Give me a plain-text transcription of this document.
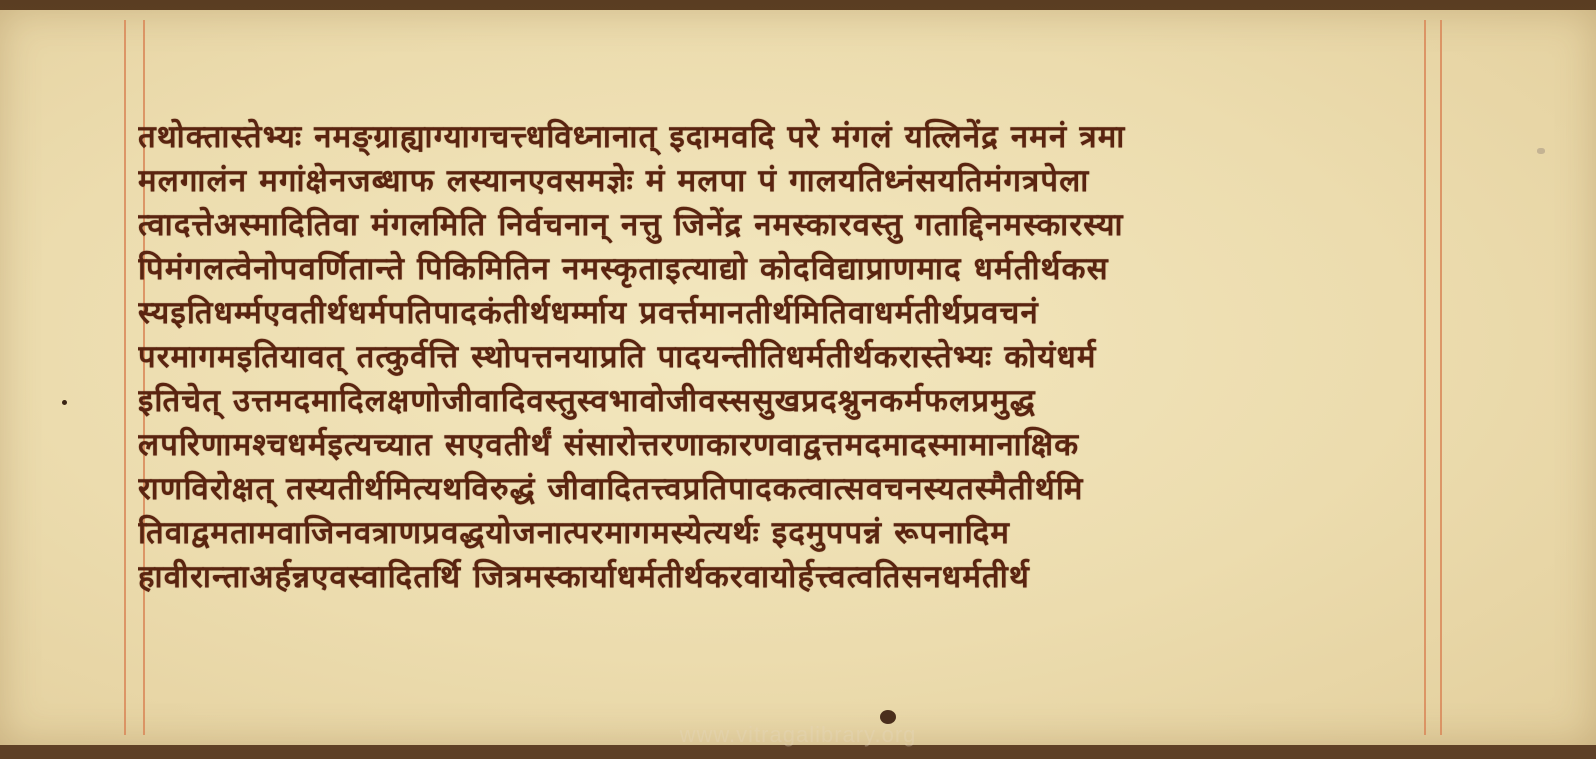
तथोक्तास्तेभ्यः नमङ्ग्राह्याग्यागचत्त्धविध्नानात् इदामवदि परे मंगलं यत्लिनेंद्र नमनं त्रमा
मलगालंन मगांक्षेनजब्धाफ लस्यानएवसमज्ञेः मं मलपा पं गालयतिध्नंसयतिमंगत्रपेला
त्वादत्तेअस्मादितिवा मंगलमिति निर्वचनान् नत्तु जिनेंद्र नमस्कारवस्तु गताद्दिनमस्कारस्या
पिमंगलत्वेनोपवर्णितान्ते पिकिमितिन नमस्कृताइत्याद्यो कोदविद्याप्राणमाद धर्मतीर्थकस
स्यइतिधर्म्मएवतीर्थधर्मपतिपादकंतीर्थधर्म्माय प्रवर्त्तमानतीर्थमितिवाधर्मतीर्थप्रवचनं
परमागमइतियावत् तत्कुर्वत्ति स्थोपत्तनयाप्रति पादयन्तीतिधर्मतीर्थकरास्तेभ्यः कोयंधर्म
इतिचेत् उत्तमदमादिलक्षणोजीवादिवस्तुस्वभावोजीवस्ससुखप्रदश्नुनकर्मफलप्रमुद्ध
लपरिणामश्चधर्मइत्यच्यात सएवतीर्थं संसारोत्तरणाकारणवाद्वत्तमदमादस्मामानाक्षिक
राणविरोक्षत् तस्यतीर्थमित्यथविरुद्धं जीवादितत्त्वप्रतिपादकत्वात्सवचनस्यतस्मैतीर्थमि
तिवाद्वमतामवाजिनवत्राणप्रवद्धयोजनात्परमागमस्येत्यर्थः इदमुपपन्नं रूपनादिम
हावीरान्ताअर्हन्नएवस्वादितर्थि जित्रमस्कार्याधर्मतीर्थकरवायोर्हत्त्वत्वतिसनधर्मतीर्थ
www.vitragalibrary.org
